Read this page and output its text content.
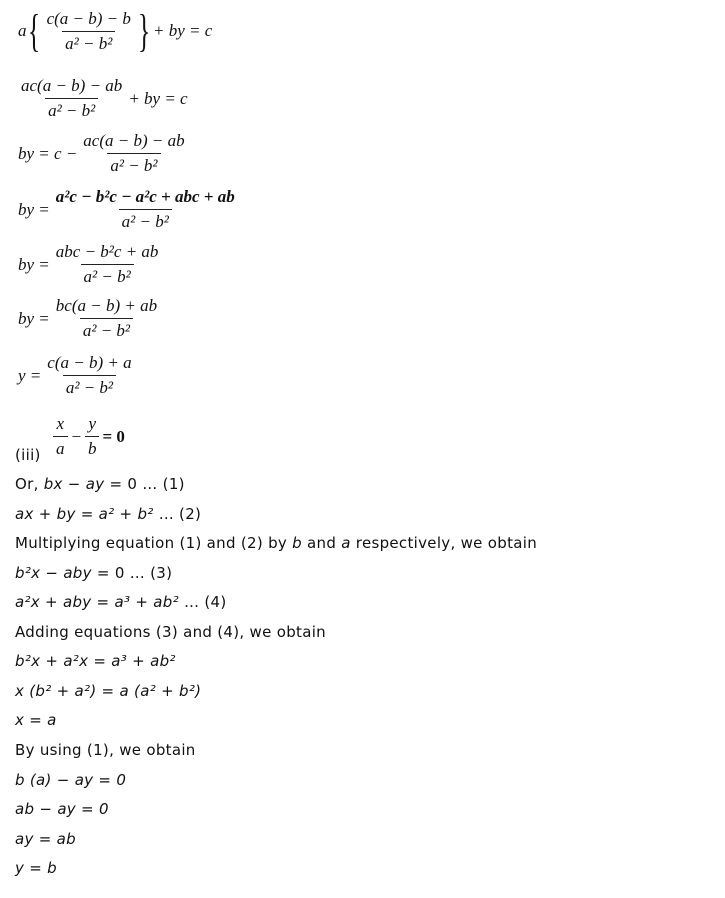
a { $\frac{c(a - b) - b}{\text{a² − b²}}$ } + by = c
$\frac{ac(a - b) - ab}{\text{a² − b²}}$ + by = c
by = $c - \frac{ac(a - b) - ab}{\text{a² − b²}}$
by = $\frac{\text{a²c − b²c − a²c + abc + ab}}{\text{a² − b²}}$
by = $\frac{\text{abc − b²c + ab}}{\text{a² − b²}}$
by = $\frac{bc(a - b) + ab}{\text{a² − b²}}$
$y = \frac{c(a - b) + a}{\text{a² − b²}}$
$(iii) \frac{x}{a} - \frac{y}{b} = 0$
Or, bx − ay = 0 … (1)
ax + by = a² + b² … (2)
Multiplying equation (1) and (2) by b and a respectively, we obtain
b²x − aby = 0 … (3)
a²x + aby = a³ + ab² … (4)
Adding equations (3) and (4), we obtain
b²x + a²x = a³ + ab²
x (b² + a²) = a (a² + b²)
x = a
By using (1), we obtain
b (a) − ay = 0
ab − ay = 0
ay = ab
y = b
